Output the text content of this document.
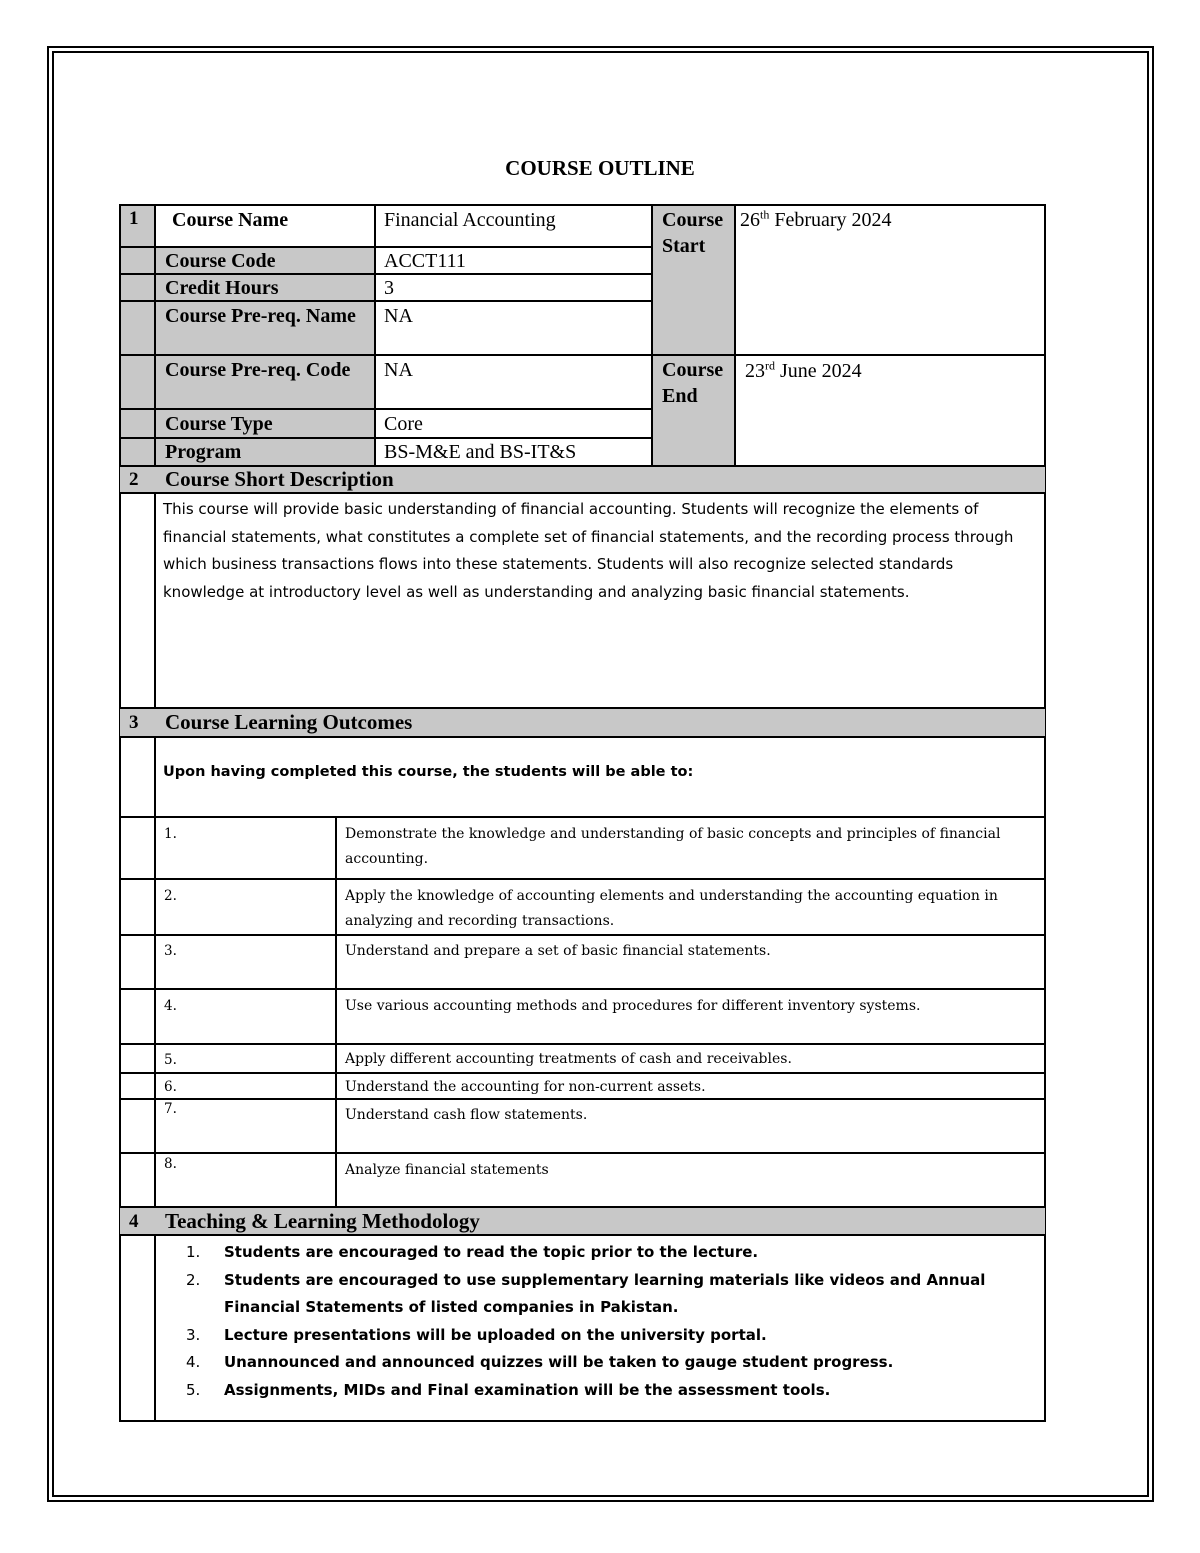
COURSE OUTLINE
1 Course Name	Financial Accounting
Course Code	ACCT111
Credit Hours	3
Course Pre-req. Name	NA
Course Pre-req. Code	NA
Course Type	Core
Program	BS-M&E and BS-IT&S
Course Start
26th February 2024
Course End
23rd June 2024
2 Course Short Description
This course will provide basic understanding of financial accounting. Students will recognize the elements of financial statements, what constitutes a complete set of financial statements, and the recording process through which business transactions flows into these statements. Students will also recognize selected standards knowledge at introductory level as well as understanding and analyzing basic financial statements.
3 Course Learning Outcomes
Upon having completed this course, the students will be able to:
1.	Demonstrate the knowledge and understanding of basic concepts and principles of financial accounting.
2.	Apply the knowledge of accounting elements and understanding the accounting equation in analyzing and recording transactions.
3.	Understand and prepare a set of basic financial statements.
4.	Use various accounting methods and procedures for different inventory systems.
5.	Apply different accounting treatments of cash and receivables.
6.	Understand the accounting for non-current assets.
7.	Understand cash flow statements.
8.	Analyze financial statements
4 Teaching & Learning Methodology
1. Students are encouraged to read the topic prior to the lecture.
2. Students are encouraged to use supplementary learning materials like videos and Annual Financial Statements of listed companies in Pakistan.
3. Lecture presentations will be uploaded on the university portal.
4. Unannounced and announced quizzes will be taken to gauge student progress.
5. Assignments, MIDs and Final examination will be the assessment tools.
